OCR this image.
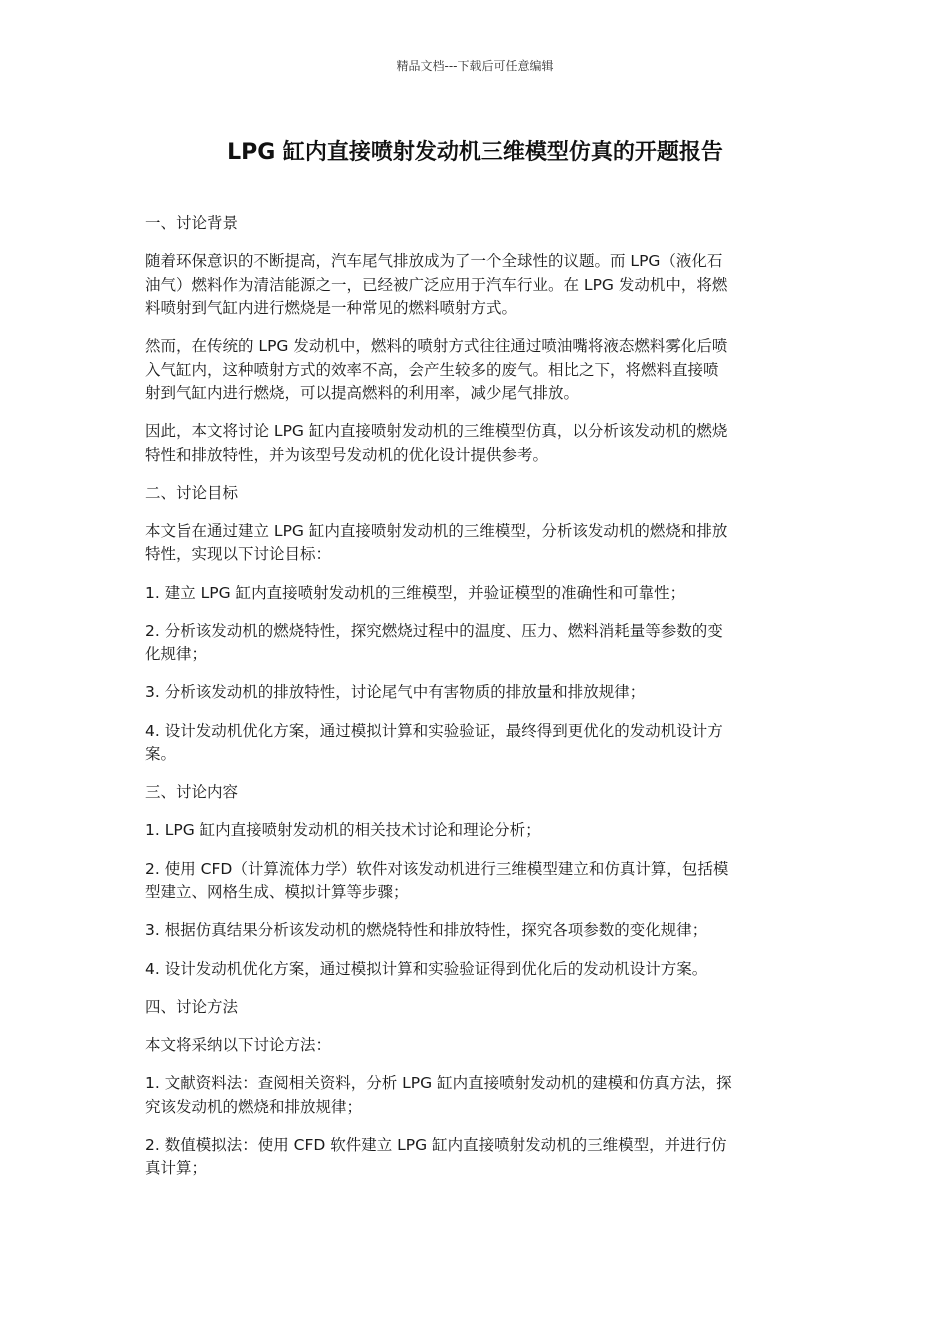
精品文档---下载后可任意编辑
LPG 缸内直接喷射发动机三维模型仿真的开题报告

一、讨论背景

随着环保意识的不断提高，汽车尾气排放成为了一个全球性的议题。而 LPG（液化石
油气）燃料作为清洁能源之一，已经被广泛应用于汽车行业。在 LPG 发动机中，将燃
料喷射到气缸内进行燃烧是一种常见的燃料喷射方式。

然而，在传统的 LPG 发动机中，燃料的喷射方式往往通过喷油嘴将液态燃料雾化后喷
入气缸内，这种喷射方式的效率不高，会产生较多的废气。相比之下，将燃料直接喷
射到气缸内进行燃烧，可以提高燃料的利用率，减少尾气排放。

因此，本文将讨论 LPG 缸内直接喷射发动机的三维模型仿真，以分析该发动机的燃烧
特性和排放特性，并为该型号发动机的优化设计提供参考。

二、讨论目标

本文旨在通过建立 LPG 缸内直接喷射发动机的三维模型，分析该发动机的燃烧和排放
特性，实现以下讨论目标：

1. 建立 LPG 缸内直接喷射发动机的三维模型，并验证模型的准确性和可靠性；

2. 分析该发动机的燃烧特性，探究燃烧过程中的温度、压力、燃料消耗量等参数的变
化规律；

3. 分析该发动机的排放特性，讨论尾气中有害物质的排放量和排放规律；

4. 设计发动机优化方案，通过模拟计算和实验验证，最终得到更优化的发动机设计方
案。

三、讨论内容

1. LPG 缸内直接喷射发动机的相关技术讨论和理论分析；

2. 使用 CFD（计算流体力学）软件对该发动机进行三维模型建立和仿真计算，包括模
型建立、网格生成、模拟计算等步骤；

3. 根据仿真结果分析该发动机的燃烧特性和排放特性，探究各项参数的变化规律；

4. 设计发动机优化方案，通过模拟计算和实验验证得到优化后的发动机设计方案。

四、讨论方法

本文将采纳以下讨论方法：

1. 文献资料法：查阅相关资料，分析 LPG 缸内直接喷射发动机的建模和仿真方法，探
究该发动机的燃烧和排放规律；

2. 数值模拟法：使用 CFD 软件建立 LPG 缸内直接喷射发动机的三维模型，并进行仿
真计算；
